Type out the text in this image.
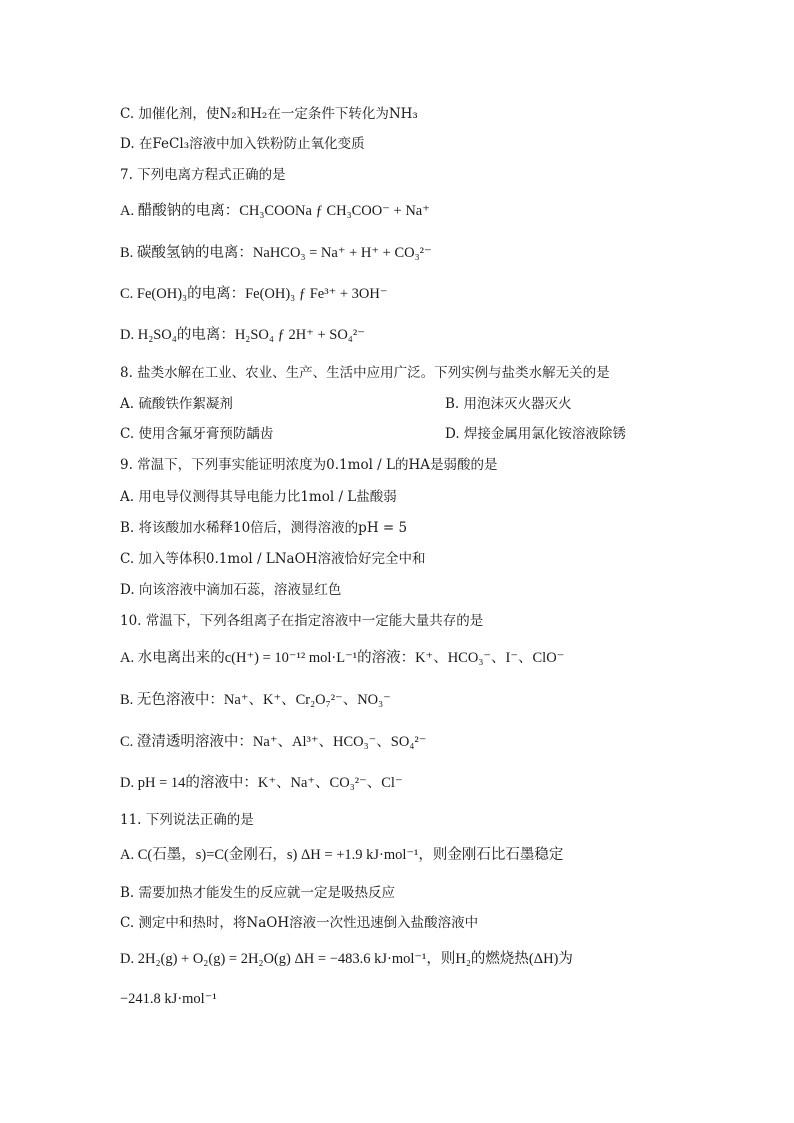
C. 加催化剂，使N₂和H₂在一定条件下转化为NH₃
D. 在FeCl₃溶液中加入铁粉防止氧化变质
7. 下列电离方程式正确的是
A. 醋酸钠的电离：CH₃COONa ƒ CH₃COO⁻ + Na⁺
B. 碳酸氢钠的电离：NaHCO₃ = Na⁺ + H⁺ + CO₃²⁻
C. Fe(OH)₃的电离：Fe(OH)₃ ƒ Fe³⁺ + 3OH⁻
D. H₂SO₄的电离：H₂SO₄ ƒ 2H⁺ + SO₄²⁻
8. 盐类水解在工业、农业、生产、生活中应用广泛。下列实例与盐类水解无关的是
A. 硫酸铁作絮凝剂	B. 用泡沫灭火器灭火
C. 使用含氟牙膏预防龋齿	D. 焊接金属用氯化铵溶液除锈
9. 常温下，下列事实能证明浓度为0.1mol / L的HA是弱酸的是
A. 用电导仪测得其导电能力比1mol / L盐酸弱
B. 将该酸加水稀释10倍后，测得溶液的pH = 5
C. 加入等体积0.1mol / LNaOH溶液恰好完全中和
D. 向该溶液中滴加石蕊，溶液显红色
10. 常温下，下列各组离子在指定溶液中一定能大量共存的是
A. 水电离出来的c(H⁺) = 10⁻¹² mol·L⁻¹的溶液：K⁺、HCO₃⁻、I⁻、ClO⁻
B. 无色溶液中：Na⁺、K⁺、Cr₂O₇²⁻、NO₃⁻
C. 澄清透明溶液中：Na⁺、Al³⁺、HCO₃⁻、SO₄²⁻
D. pH = 14的溶液中：K⁺、Na⁺、CO₃²⁻、Cl⁻
11. 下列说法正确的是
A. C(石墨，s)=C(金刚石，s) ΔH = +1.9 kJ·mol⁻¹，则金刚石比石墨稳定
B. 需要加热才能发生的反应就一定是吸热反应
C. 测定中和热时，将NaOH溶液一次性迅速倒入盐酸溶液中
D. 2H₂(g) + O₂(g) = 2H₂O(g) ΔH = −483.6 kJ·mol⁻¹，则H₂的燃烧热(ΔH)为
−241.8 kJ·mol⁻¹
